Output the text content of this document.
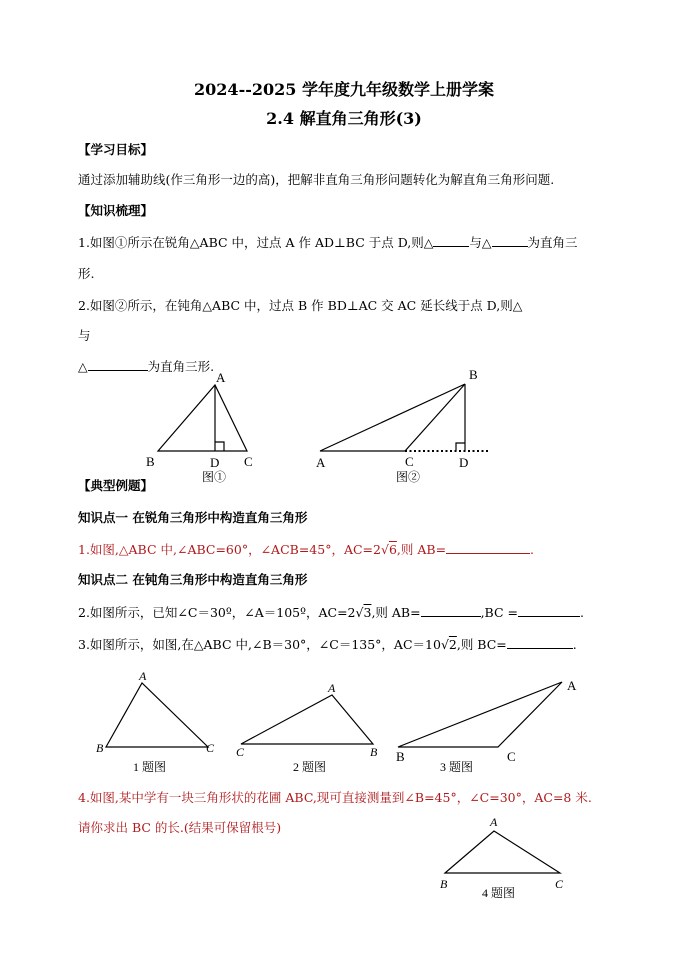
2024--2025 学年度九年级数学上册学案
2.4 解直角三角形(3)
【学习目标】
通过添加辅助线(作三角形一边的高)，把解非直角三角形问题转化为解直角三角形问题.
【知识梳理】
1.如图①所示在锐角△ABC 中，过点 A 作 AD⊥BC 于点 D,则△	与△	为直角三
形.
2.如图②所示，在钝角△ABC 中，过点 B 作 BD⊥AC 交 AC 延长线于点 D,则△
与
△	为直角三形.
【典型例题】
知识点一 在锐角三角形中构造直角三角形
1.如图,△ABC 中,∠ABC=60°，∠ACB=45°，AC=2√6,则 AB=	.
知识点二 在钝角三角形中构造直角三角形
2.如图所示，已知∠C＝30º，∠A＝105º，AC=2√3,则 AB=	,BC =	.
3.如图所示，如图,在△ABC 中,∠B＝30°，∠C＝135°，AC＝10√2,则 BC=	.
4.如图,某中学有一块三角形状的花圃 ABC,现可直接测量到∠B=45°，∠C=30°，AC=8 米.
请你求出 BC 的长.(结果可保留根号)
A
B	C
D
图①
B
A	C	D
图②
A
B	C
1 题图
A
C	B
2 题图
A
B	C
3 题图
A
B	C
4 题图
